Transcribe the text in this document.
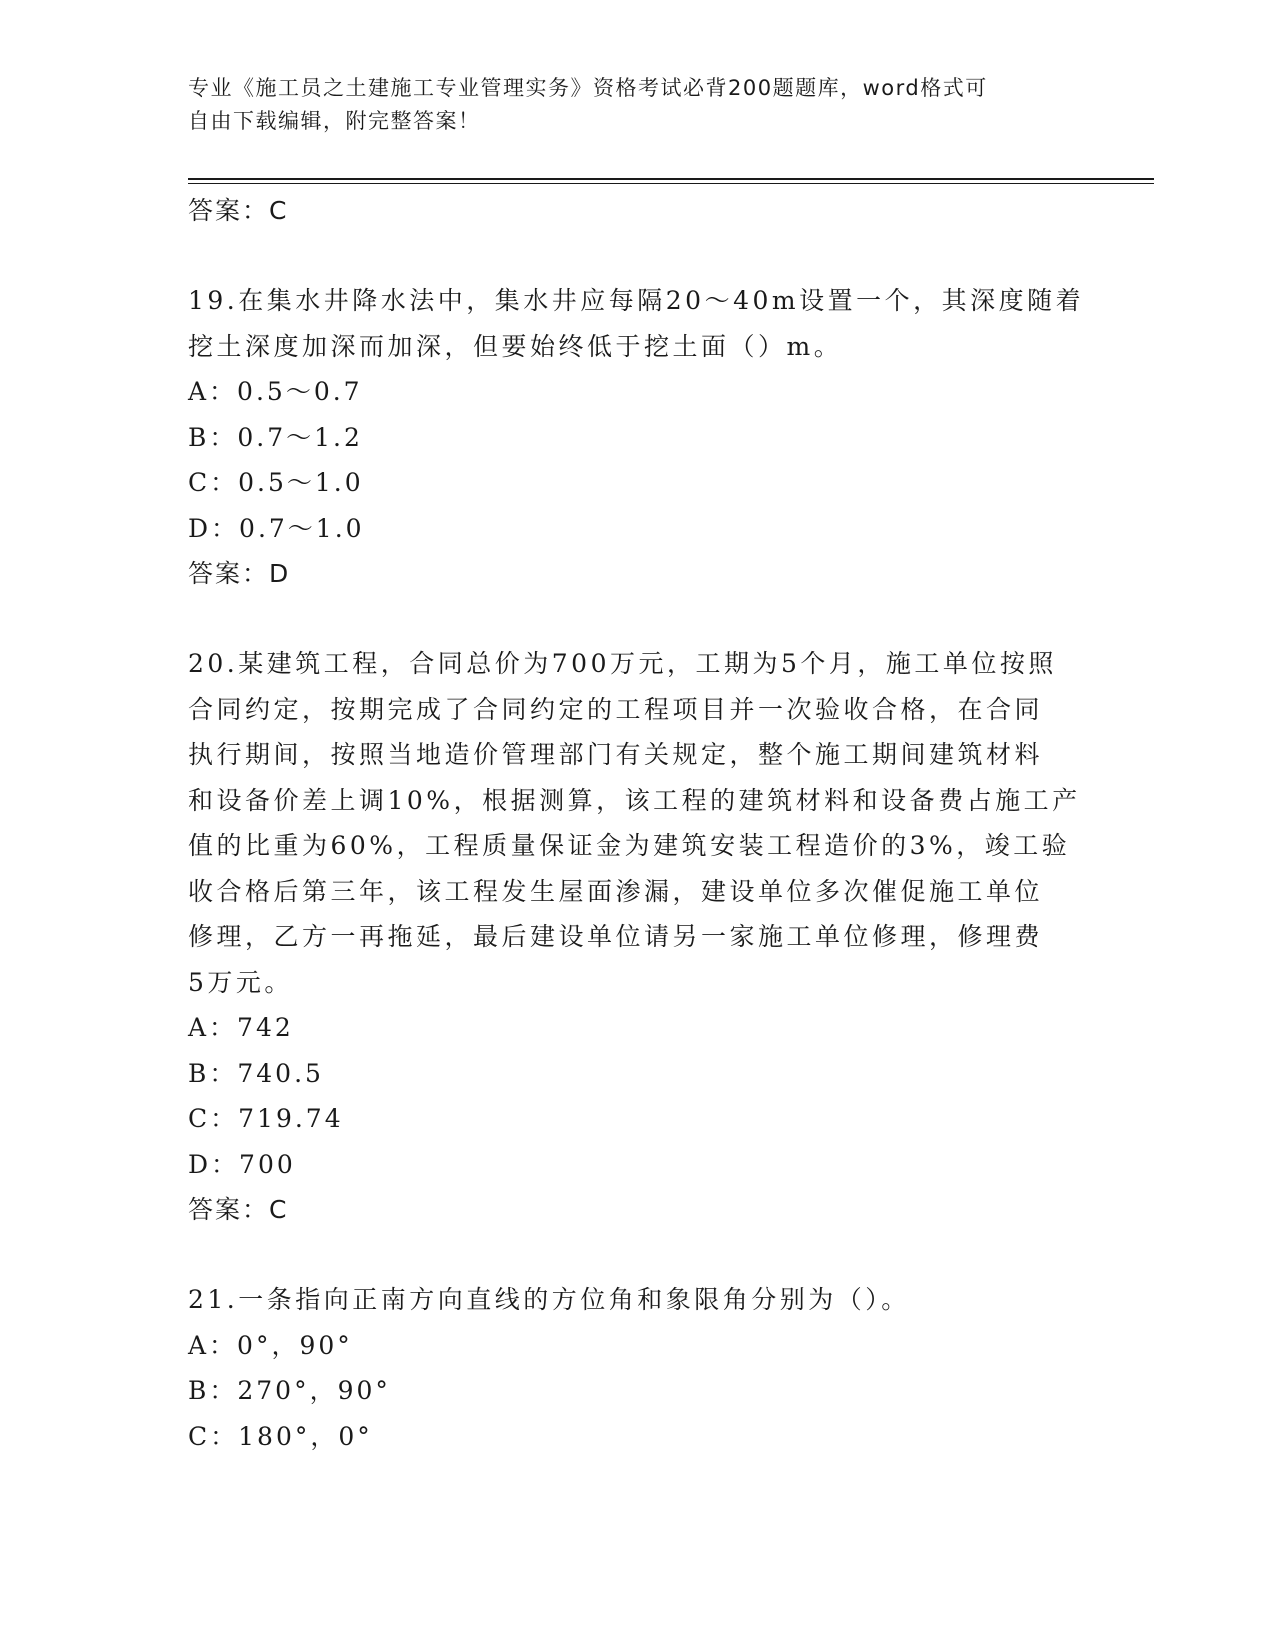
专业《施工员之土建施工专业管理实务》资格考试必背200题题库，word格式可
自由下载编辑，附完整答案！
答案：C
19.在集水井降水法中，集水井应每隔20～40m设置一个，其深度随着
挖土深度加深而加深，但要始终低于挖土面（）m。
A：0.5～0.7
B：0.7～1.2
C：0.5～1.0
D：0.7～1.0
答案：D
20.某建筑工程，合同总价为700万元，工期为5个月，施工单位按照
合同约定，按期完成了合同约定的工程项目并一次验收合格，在合同
执行期间，按照当地造价管理部门有关规定，整个施工期间建筑材料
和设备价差上调10%，根据测算，该工程的建筑材料和设备费占施工产
值的比重为60%，工程质量保证金为建筑安装工程造价的3%，竣工验
收合格后第三年，该工程发生屋面渗漏，建设单位多次催促施工单位
修理，乙方一再拖延，最后建设单位请另一家施工单位修理，修理费
5万元。
A：742
B：740.5
C：719.74
D：700
答案：C
21.一条指向正南方向直线的方位角和象限角分别为（）。
A：0°，90°
B：270°，90°
C：180°，0°
